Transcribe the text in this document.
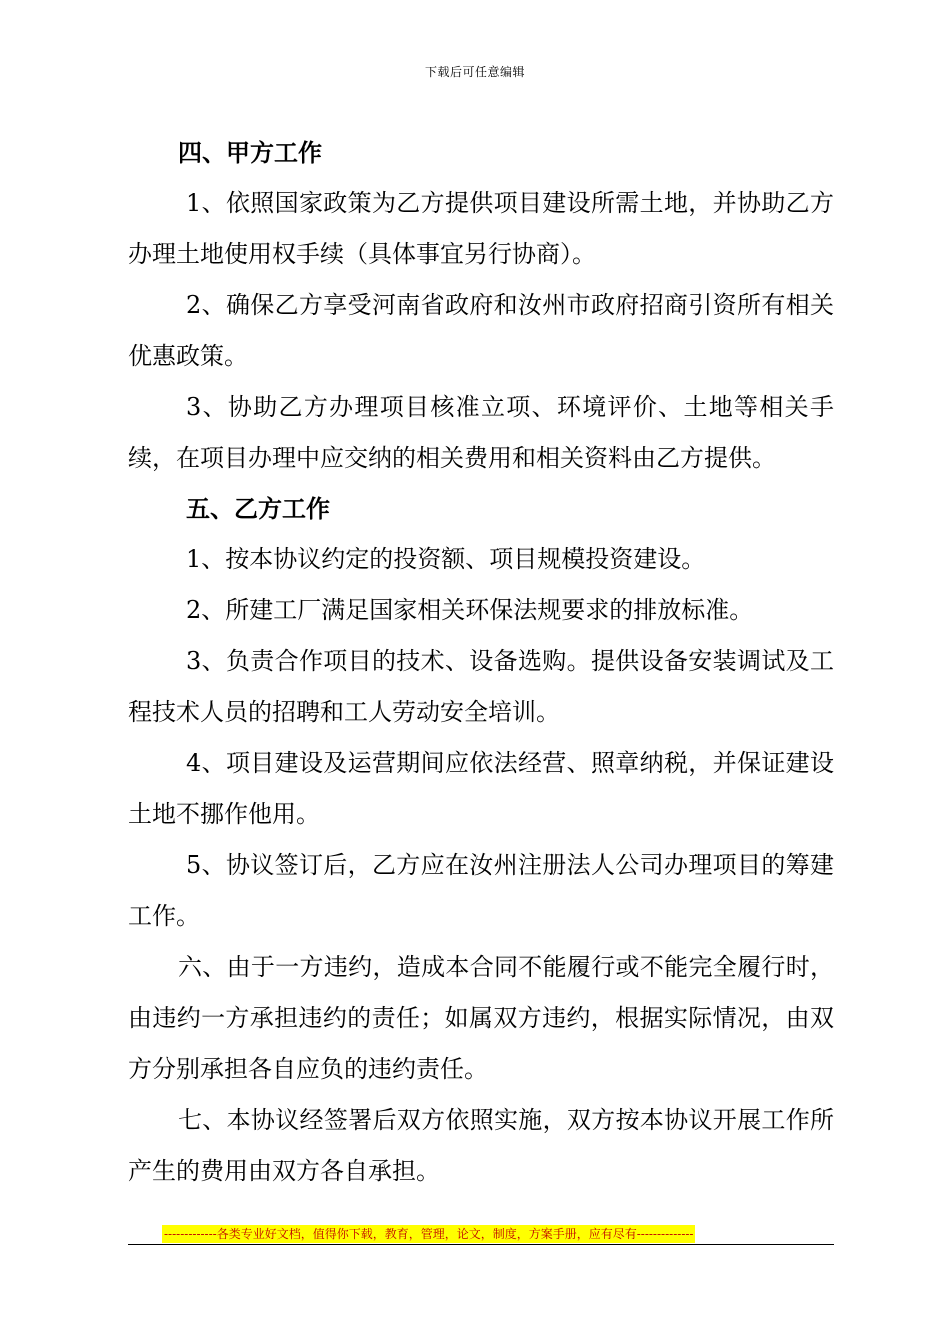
下载后可任意编辑

四、甲方工作

1、依照国家政策为乙方提供项目建设所需土地，并协助乙方办理土地使用权手续（具体事宜另行协商）。

2、确保乙方享受河南省政府和汝州市政府招商引资所有相关优惠政策。

3、协助乙方办理项目核准立项、环境评价、土地等相关手续，在项目办理中应交纳的相关费用和相关资料由乙方提供。

五、乙方工作

1、按本协议约定的投资额、项目规模投资建设。

2、所建工厂满足国家相关环保法规要求的排放标准。

3、负责合作项目的技术、设备选购。提供设备安装调试及工程技术人员的招聘和工人劳动安全培训。

4、项目建设及运营期间应依法经营、照章纳税，并保证建设土地不挪作他用。

5、协议签订后，乙方应在汝州注册法人公司办理项目的筹建工作。

六、由于一方违约，造成本合同不能履行或不能完全履行时，由违约一方承担违约的责任；如属双方违约，根据实际情况，由双方分别承担各自应负的违约责任。

七、本协议经签署后双方依照实施，双方按本协议开展工作所产生的费用由双方各自承担。

-------------各类专业好文档，值得你下载，教育，管理，论文，制度，方案手册，应有尽有--------------
